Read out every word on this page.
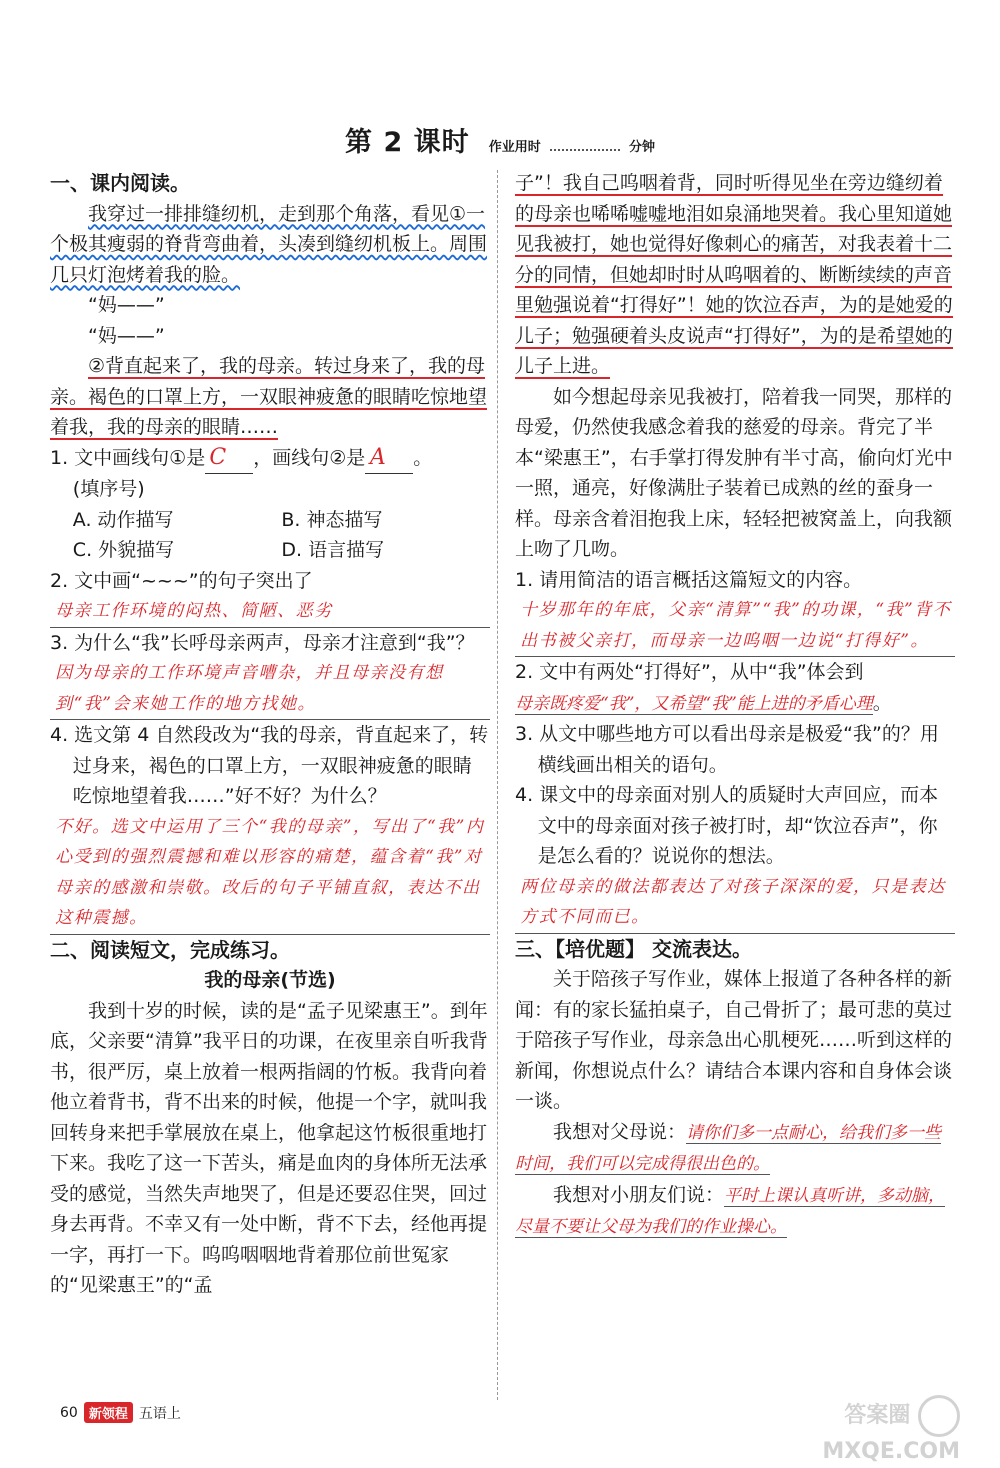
第 2 课时 作业用时	分钟
一、课内阅读。
我穿过一排排缝纫机，走到那个角落，看见①一个极其瘦弱的脊背弯曲着，头凑到缝纫机板上。周围几只灯泡烤着我的脸。
“妈——”
“妈——”
②背直起来了，我的母亲。转过身来了，我的母亲。褐色的口罩上方，一双眼神疲惫的眼睛吃惊地望着我，我的母亲的眼睛……
1. 文中画线句①是 C ，画线句②是 A 。
(填序号)
A. 动作描写	B. 神态描写
C. 外貌描写	D. 语言描写
2. 文中画“~~~”的句子突出了
母亲工作环境的闷热、简陋、恶劣
3. 为什么“我”长呼母亲两声，母亲才注意到“我”？
因为母亲的工作环境声音嘈杂，并且母亲没有想到“我”会来她工作的地方找她。
4. 选文第 4 自然段改为“我的母亲，背直起来了，转过身来，褐色的口罩上方，一双眼神疲惫的眼睛吃惊地望着我……”好不好？为什么？
不好。选文中运用了三个“我的母亲”，写出了“我”内心受到的强烈震撼和难以形容的痛楚，蕴含着“我”对母亲的感激和崇敬。改后的句子平铺直叙，表达不出这种震撼。
二、阅读短文，完成练习。
我的母亲(节选)
我到十岁的时候，读的是“孟子见梁惠王”。到年底，父亲要“清算”我平日的功课，在夜里亲自听我背书，很严厉，桌上放着一根两指阔的竹板。我背向着他立着背书，背不出来的时候，他提一个字，就叫我回转身来把手掌展放在桌上，他拿起这竹板很重地打下来。我吃了这一下苦头，痛是血肉的身体所无法承受的感觉，当然失声地哭了，但是还要忍住哭，回过身去再背。不幸又有一处中断，背不下去，经他再提一字，再打一下。呜呜咽咽地背着那位前世冤家的“见梁惠王”的“孟
子”！我自己呜咽着背，同时听得见坐在旁边缝纫着的母亲也唏唏嘘嘘地泪如泉涌地哭着。我心里知道她见我被打，她也觉得好像刺心的痛苦，对我表着十二分的同情，但她却时时从呜咽着的、断断续续的声音里勉强说着“打得好”！她的饮泣吞声，为的是她爱的儿子；勉强硬着头皮说声“打得好”，为的是希望她的儿子上进。
如今想起母亲见我被打，陪着我一同哭，那样的母爱，仍然使我感念着我的慈爱的母亲。背完了半本“梁惠王”，右手掌打得发肿有半寸高，偷向灯光中一照，通亮，好像满肚子装着已成熟的丝的蚕身一样。母亲含着泪抱我上床，轻轻把被窝盖上，向我额上吻了几吻。
1. 请用简洁的语言概括这篇短文的内容。
十岁那年的年底，父亲“清算”“我”的功课，“我”背不出书被父亲打，而母亲一边呜咽一边说“打得好”。
2. 文中有两处“打得好”，从中“我”体会到
母亲既疼爱“我”，又希望“我”能上进的矛盾心理。
3. 从文中哪些地方可以看出母亲是极爱“我”的？用横线画出相关的语句。
4. 课文中的母亲面对别人的质疑时大声回应，而本文中的母亲面对孩子被打时，却“饮泣吞声”，你是怎么看的？说说你的想法。
两位母亲的做法都表达了对孩子深深的爱，只是表达方式不同而已。
三、【培优题】 交流表达。
关于陪孩子写作业，媒体上报道了各种各样的新闻：有的家长猛拍桌子，自己骨折了；最可悲的莫过于陪孩子写作业，母亲急出心肌梗死……听到这样的新闻，你想说点什么？请结合本课内容和自身体会谈一谈。
我想对父母说：请你们多一点耐心，给我们多一些时间，我们可以完成得很出色的。
我想对小朋友们说：平时上课认真听讲，多动脑，尽量不要让父母为我们的作业操心。
60 新领程 五语上	答案圈
MXQE.COM
